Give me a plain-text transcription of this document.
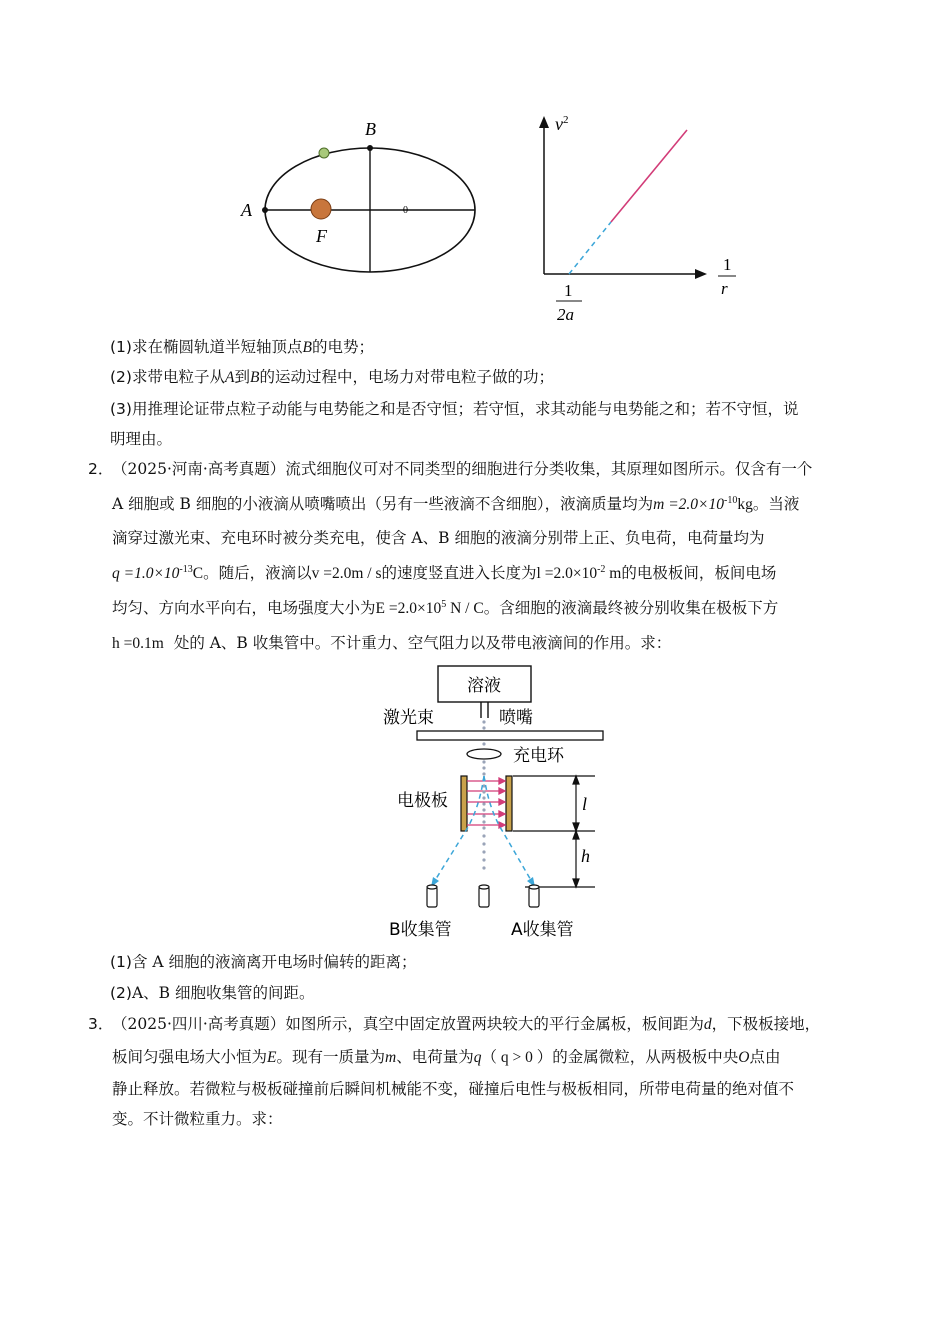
A
B
F
0
$v^2$
1
r
1
2a
(1)求在椭圆轨道半短轴顶点B的电势；
(2)求带电粒子从A到B的运动过程中，电场力对带电粒子做的功；
(3)用推理论证带点粒子动能与电势能之和是否守恒；若守恒，求其动能与电势能之和；若不守恒，说
明理由。
2．（2025·河南·高考真题）流式细胞仪可对不同类型的细胞进行分类收集，其原理如图所示。仅含有一个
A 细胞或 B 细胞的小液滴从喷嘴喷出（另有一些液滴不含细胞），液滴质量均为$m =2.0\times 10^{-10}kg$。当液
滴穿过激光束、充电环时被分类充电，使含 A、B 细胞的液滴分别带上正、负电荷，电荷量均为
$q =1.0\times 10^{-13}C$。随后，液滴以v =2.0m / s的速度竖直进入长度为$l =2.0\times 10^{-2}$ m的电极板间，板间电场
均匀、方向水平向右，电场强度大小为$E =2.0\times 10^5$ N / C。含细胞的液滴最终被分别收集在极板下方
h =0.1m 处的 A、B 收集管中。不计重力、空气阻力以及带电液滴间的作用。求：
溶液
激光束	喷嘴
充电环
电极板	l
h
B收集管	A收集管
(1)含 A 细胞的液滴离开电场时偏转的距离；
(2)A、B 细胞收集管的间距。
3．（2025·四川·高考真题）如图所示，真空中固定放置两块较大的平行金属板，板间距为d，下极板接地，
板间匀强电场大小恒为E。现有一质量为m、电荷量为q（ q > 0 ）的金属微粒，从两极板中央O点由
静止释放。若微粒与极板碰撞前后瞬间机械能不变，碰撞后电性与极板相同，所带电荷量的绝对值不
变。不计微粒重力。求：
